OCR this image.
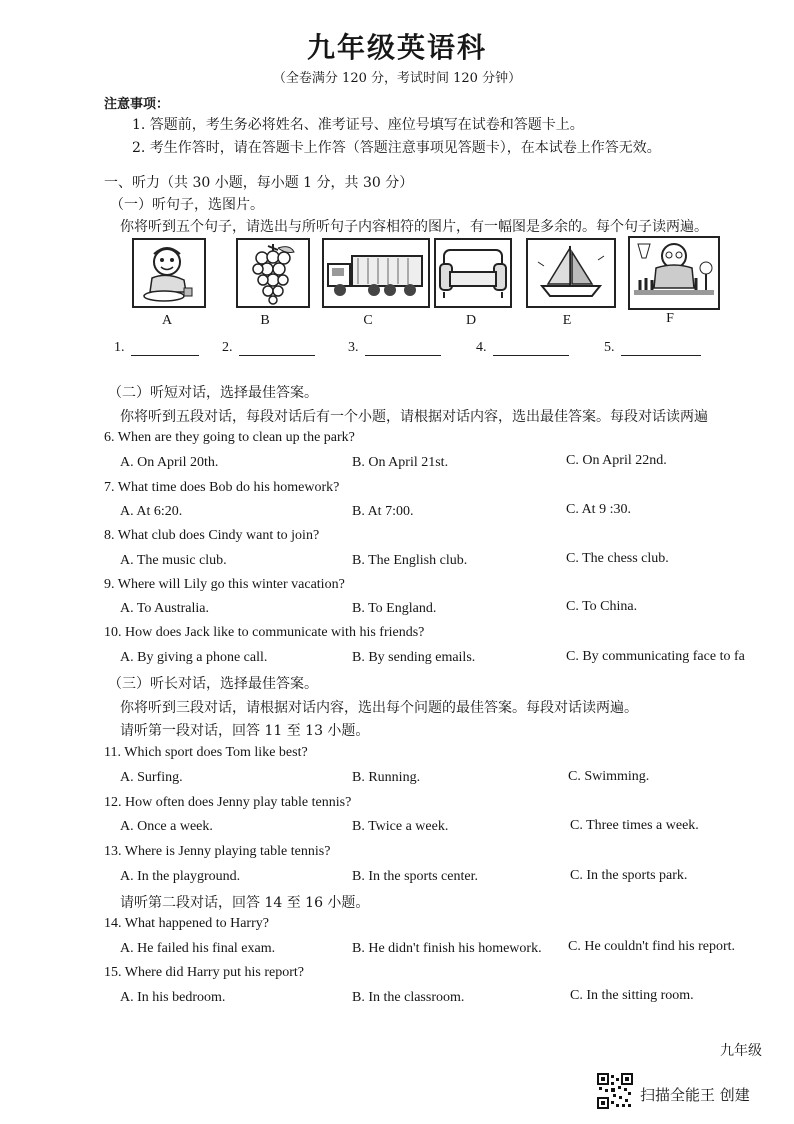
九年级英语科
（全卷满分 120 分，考试时间 120 分钟）
注意事项：
1. 答题前，考生务必将姓名、准考证号、座位号填写在试卷和答题卡上。
2. 考生作答时，请在答题卡上作答（答题注意事项见答题卡），在本试卷上作答无效。
一、听力（共 30 小题，每小题 1 分，共 30 分）
（一）听句子，选图片。
你将听到五个句子，请选出与所听句子内容相符的图片，有一幅图是多余的。每个句子读两遍。
A	B	C	D	E	F
1.	2.	3.	4.	5.
（二）听短对话，选择最佳答案。
你将听到五段对话，每段对话后有一个小题，请根据对话内容，选出最佳答案。每段对话读两遍
6. When are they going to clean up the park?
A. On April 20th.	B. On April 21st.	C. On April 22nd.
7. What time does Bob do his homework?
A. At 6:20.	B. At 7:00.	C. At 9 :30.
8. What club does Cindy want to join?
A. The music club.	B. The English club.	C. The chess club.
9. Where will Lily go this winter vacation?
A. To Australia.	B. To England.	C. To China.
10. How does Jack like to communicate with his friends?
A. By giving a phone call.	B. By sending emails.	C. By communicating face to fa
（三）听长对话，选择最佳答案。
你将听到三段对话，请根据对话内容，选出每个问题的最佳答案。每段对话读两遍。
请听第一段对话，回答 11 至 13 小题。
11. Which sport does Tom like best?
A. Surfing.	B. Running.	C. Swimming.
12. How often does Jenny play table tennis?
A. Once a week.	B. Twice a week.	C. Three times a week.
13. Where is Jenny playing table tennis?
A. In the playground.	B. In the sports center.	C. In the sports park.
请听第二段对话，回答 14 至 16 小题。
14. What happened to Harry?
A. He failed his final exam.	B. He didn't finish his homework. C. He couldn't find his report.
15. Where did Harry put his report?
A. In his bedroom.	B. In the classroom.	C. In the sitting room.
九年级
扫描全能王 创建
